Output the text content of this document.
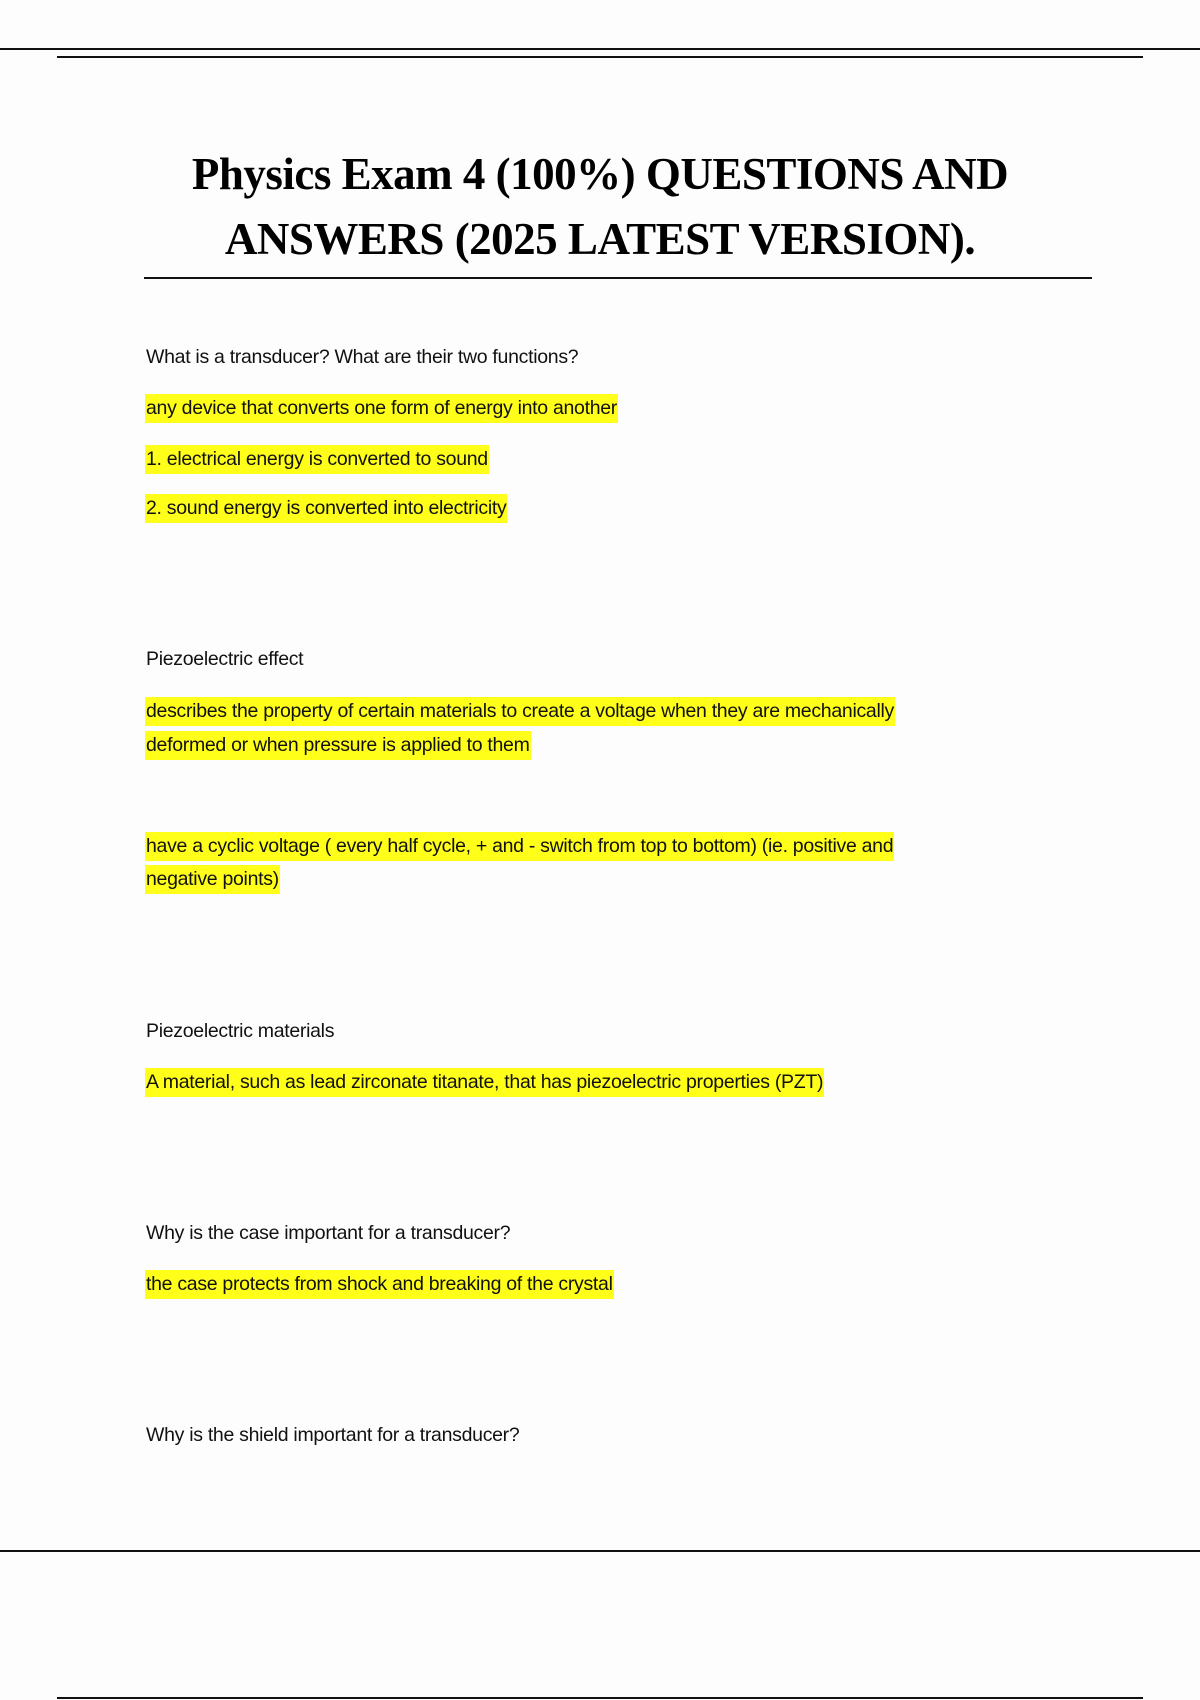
Physics Exam 4 (100%) QUESTIONS AND
ANSWERS (2025 LATEST VERSION).
What is a transducer? What are their two functions?
any device that converts one form of energy into another
1. electrical energy is converted to sound
2. sound energy is converted into electricity
Piezoelectric effect
describes the property of certain materials to create a voltage when they are mechanically
deformed or when pressure is applied to them
have a cyclic voltage ( every half cycle, + and - switch from top to bottom) (ie. positive and
negative points)
Piezoelectric materials
A material, such as lead zirconate titanate, that has piezoelectric properties (PZT)
Why is the case important for a transducer?
the case protects from shock and breaking of the crystal
Why is the shield important for a transducer?
